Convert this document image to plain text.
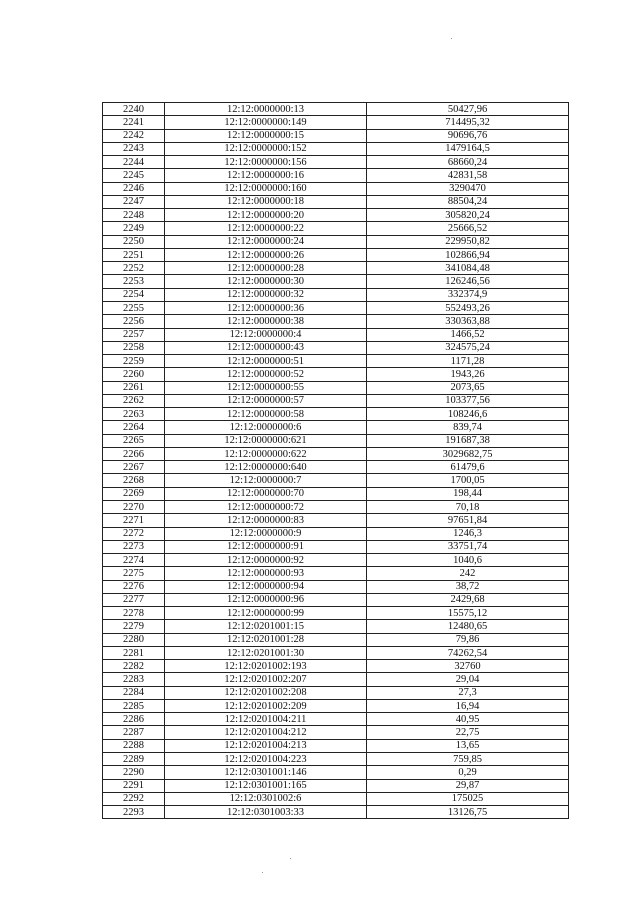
2240	12:12:0000000:13	50427,96
2241	12:12:0000000:149	714495,32
2242	12:12:0000000:15	90696,76
2243	12:12:0000000:152	1479164,5
2244	12:12:0000000:156	68660,24
2245	12:12:0000000:16	42831,58
2246	12:12:0000000:160	3290470
2247	12:12:0000000:18	88504,24
2248	12:12:0000000:20	305820,24
2249	12:12:0000000:22	25666,52
2250	12:12:0000000:24	229950,82
2251	12:12:0000000:26	102866,94
2252	12:12:0000000:28	341084,48
2253	12:12:0000000:30	126246,56
2254	12:12:0000000:32	332374,9
2255	12:12:0000000:36	552493,26
2256	12:12:0000000:38	330363,88
2257	12:12:0000000:4	1466,52
2258	12:12:0000000:43	324575,24
2259	12:12:0000000:51	1171,28
2260	12:12:0000000:52	1943,26
2261	12:12:0000000:55	2073,65
2262	12:12:0000000:57	103377,56
2263	12:12:0000000:58	108246,6
2264	12:12:0000000:6	839,74
2265	12:12:0000000:621	191687,38
2266	12:12:0000000:622	3029682,75
2267	12:12:0000000:640	61479,6
2268	12:12:0000000:7	1700,05
2269	12:12:0000000:70	198,44
2270	12:12:0000000:72	70,18
2271	12:12:0000000:83	97651,84
2272	12:12:0000000:9	1246,3
2273	12:12:0000000:91	33751,74
2274	12:12:0000000:92	1040,6
2275	12:12:0000000:93	242
2276	12:12:0000000:94	38,72
2277	12:12:0000000:96	2429,68
2278	12:12:0000000:99	15575,12
2279	12:12:0201001:15	12480,65
2280	12:12:0201001:28	79,86
2281	12:12:0201001:30	74262,54
2282	12:12:0201002:193	32760
2283	12:12:0201002:207	29,04
2284	12:12:0201002:208	27,3
2285	12:12:0201002:209	16,94
2286	12:12:0201004:211	40,95
2287	12:12:0201004:212	22,75
2288	12:12:0201004:213	13,65
2289	12:12:0201004:223	759,85
2290	12:12:0301001:146	0,29
2291	12:12:0301001:165	29,87
2292	12:12:0301002:6	175025
2293	12:12:0301003:33	13126,75
